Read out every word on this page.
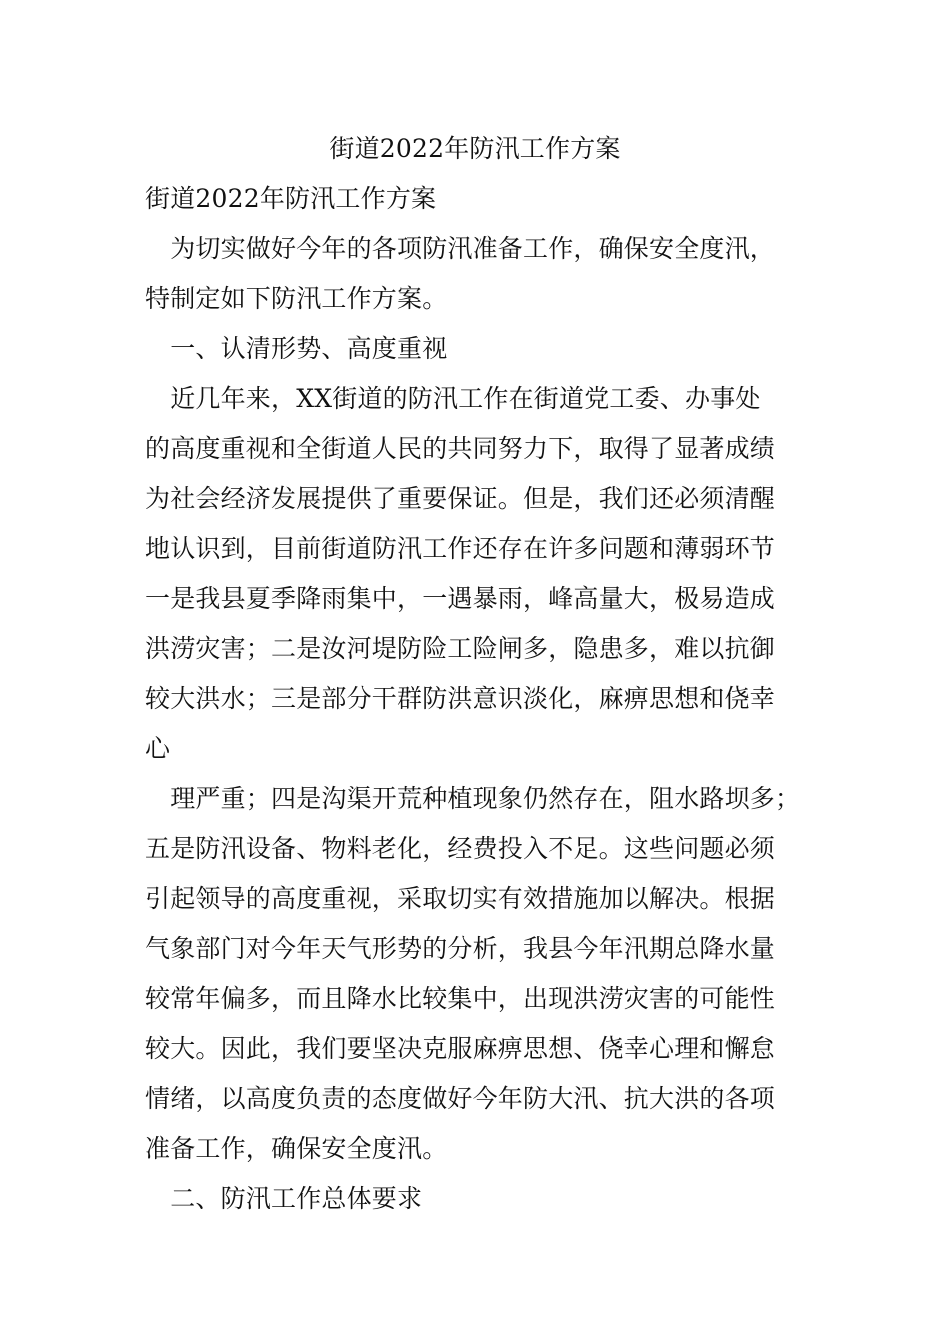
街道2022年防汛工作方案
街道2022年防汛工作方案
　为切实做好今年的各项防汛准备工作，确保安全度汛，
特制定如下防汛工作方案。
　一、认清形势、高度重视
　近几年来，XX街道的防汛工作在街道党工委、办事处
的高度重视和全街道人民的共同努力下，取得了显著成绩
为社会经济发展提供了重要保证。但是，我们还必须清醒
地认识到，目前街道防汛工作还存在许多问题和薄弱环节
一是我县夏季降雨集中，一遇暴雨，峰高量大，极易造成
洪涝灾害；二是汝河堤防险工险闸多，隐患多，难以抗御
较大洪水；三是部分干群防洪意识淡化，麻痹思想和侥幸
心
　理严重；四是沟渠开荒种植现象仍然存在，阻水路坝多；
五是防汛设备、物料老化，经费投入不足。这些问题必须
引起领导的高度重视，采取切实有效措施加以解决。根据
气象部门对今年天气形势的分析，我县今年汛期总降水量
较常年偏多，而且降水比较集中，出现洪涝灾害的可能性
较大。因此，我们要坚决克服麻痹思想、侥幸心理和懈怠
情绪，以高度负责的态度做好今年防大汛、抗大洪的各项
准备工作，确保安全度汛。
　二、防汛工作总体要求
